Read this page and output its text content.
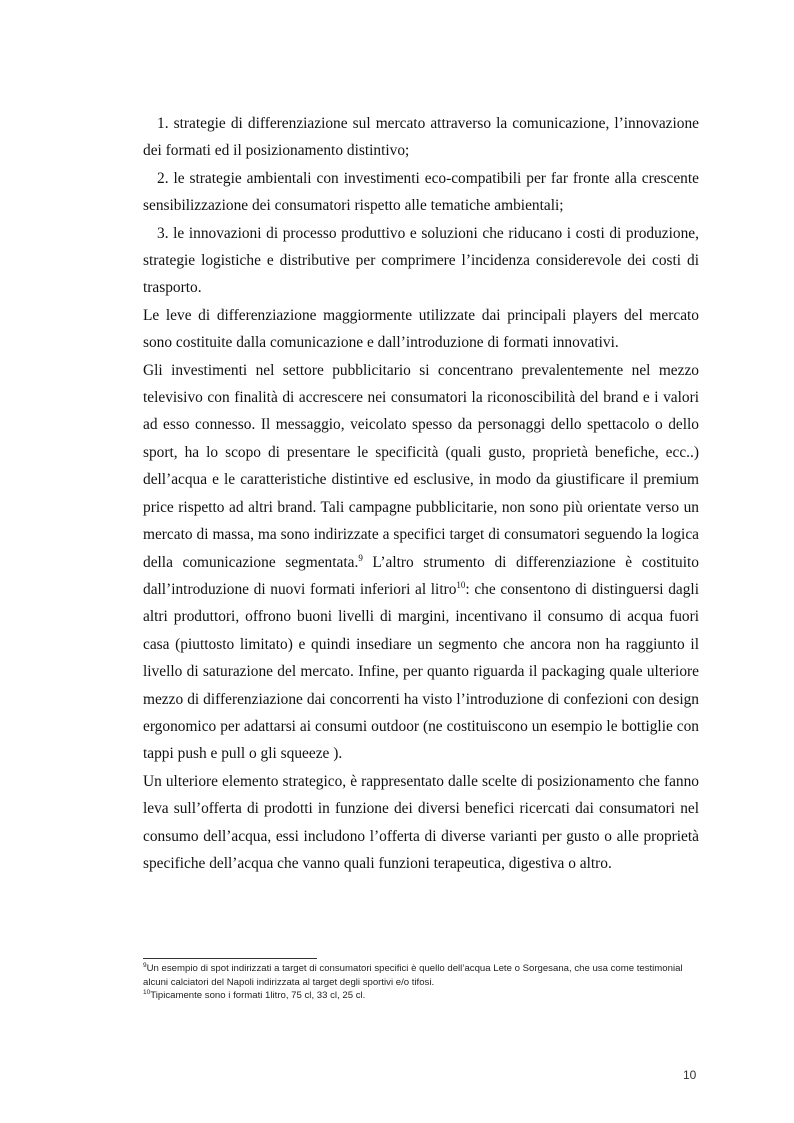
1. strategie di differenziazione sul mercato attraverso la comunicazione, l’innovazione dei formati ed il posizionamento distintivo;

2. le strategie ambientali con investimenti eco-compatibili per far fronte alla crescente sensibilizzazione dei consumatori rispetto alle tematiche ambientali;

3. le innovazioni di processo produttivo e soluzioni che riducano i costi di produzione, strategie logistiche e distributive per comprimere l’incidenza considerevole dei costi di trasporto.

Le leve di differenziazione maggiormente utilizzate dai principali players del mercato sono costituite dalla comunicazione e dall’introduzione di formati innovativi.

Gli investimenti nel settore pubblicitario si concentrano prevalentemente nel mezzo televisivo con finalità di accrescere nei consumatori la riconoscibilità del brand e i valori ad esso connesso. Il messaggio, veicolato spesso da personaggi dello spettacolo o dello sport, ha lo scopo di presentare le specificità (quali gusto, proprietà benefiche, ecc..) dell’acqua e le caratteristiche distintive ed esclusive, in modo da giustificare il premium price rispetto ad altri brand. Tali campagne pubblicitarie, non sono più orientate verso un mercato di massa, ma sono indirizzate a specifici target di consumatori seguendo la logica della comunicazione segmentata.$^9$ L’altro strumento di differenziazione è costituito dall’introduzione di nuovi formati inferiori al litro$^{10}$: che consentono di distinguersi dagli altri produttori, offrono buoni livelli di margini, incentivano il consumo di acqua fuori casa (piuttosto limitato) e quindi insediare un segmento che ancora non ha raggiunto il livello di saturazione del mercato. Infine, per quanto riguarda il packaging quale ulteriore mezzo di differenziazione dai concorrenti ha visto l’introduzione di confezioni con design ergonomico per adattarsi ai consumi outdoor (ne costituiscono un esempio le bottiglie con tappi push e pull o gli squeeze ).

Un ulteriore elemento strategico, è rappresentato dalle scelte di posizionamento che fanno leva sull’offerta di prodotti in funzione dei diversi benefici ricercati dai consumatori nel consumo dell’acqua, essi includono l’offerta di diverse varianti per gusto o alle proprietà specifiche dell’acqua che vanno quali funzioni terapeutica, digestiva o altro.

$^9$Un esempio di spot indirizzati a target di consumatori specifici è quello dell’acqua Lete o Sorgesana, che usa come testimonial alcuni calciatori del Napoli indirizzata al target degli sportivi e/o tifosi.

$^{10}$Tipicamente sono i formati 1litro, 75 cl, 33 cl, 25 cl.

10
